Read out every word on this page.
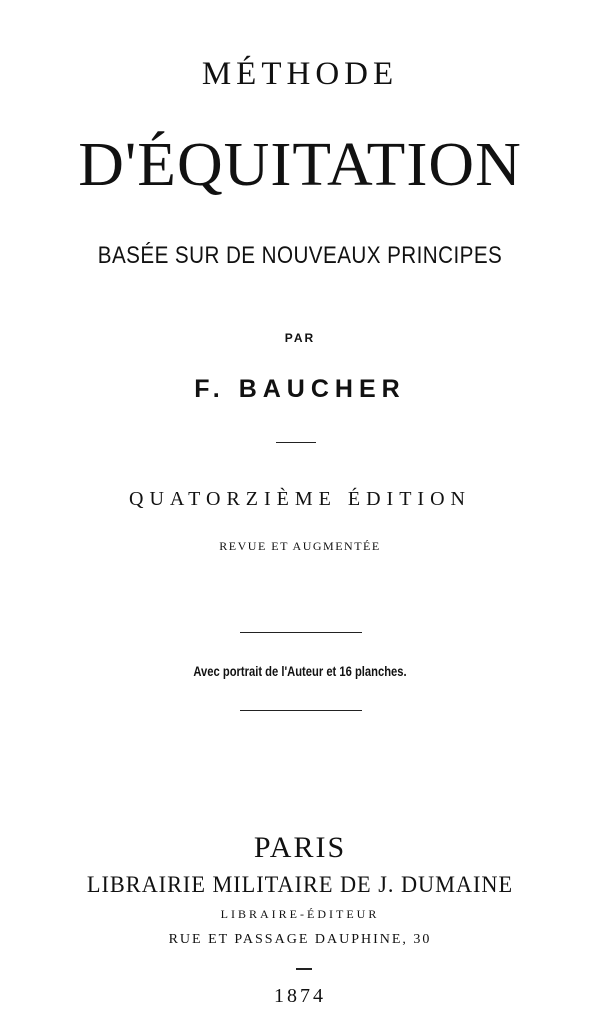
MÉTHODE
D'ÉQUITATION
BASÉE SUR DE NOUVEAUX PRINCIPES
PAR
F. BAUCHER
QUATORZIÈME ÉDITION
REVUE ET AUGMENTÉE
Avec portrait de l'Auteur et 16 planches.
PARIS
LIBRAIRIE MILITAIRE DE J. DUMAINE
LIBRAIRE-ÉDITEUR
RUE ET PASSAGE DAUPHINE, 30
1874
